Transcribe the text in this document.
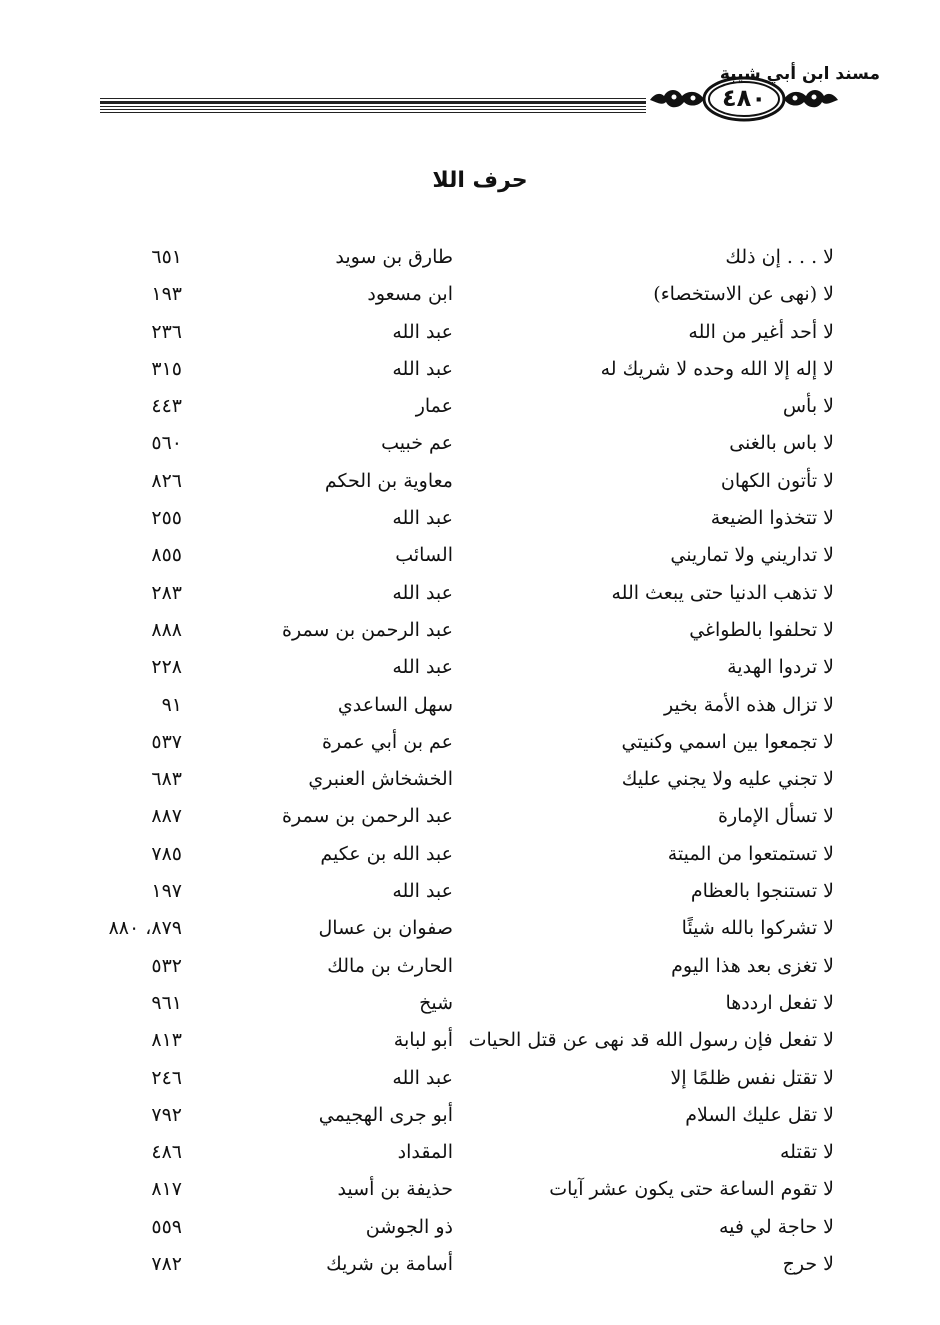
مسند ابن أبي شيبة
٤٨٠
حرف اللا
لا . . . إن ذلك
طارق بن سويد
٦٥١
لا (نهى عن الاستخصاء)
ابن مسعود
١٩٣
لا أحد أغير من الله
عبد الله
٢٣٦
لا إله إلا الله وحده لا شريك له
عبد الله
٣١٥
لا بأس
عمار
٤٤٣
لا باس بالغنى
عم خبيب
٥٦٠
لا تأتون الكهان
معاوية بن الحكم
٨٢٦
لا تتخذوا الضيعة
عبد الله
٢٥٥
لا تداريني ولا تماريني
السائب
٨٥٥
لا تذهب الدنيا حتى يبعث الله
عبد الله
٢٨٣
لا تحلفوا بالطواغي
عبد الرحمن بن سمرة
٨٨٨
لا تردوا الهدية
عبد الله
٢٢٨
لا تزال هذه الأمة بخير
سهل الساعدي
٩١
لا تجمعوا بين اسمي وكنيتي
عم بن أبي عمرة
٥٣٧
لا تجني عليه ولا يجني عليك
الخشخاش العنبري
٦٨٣
لا تسأل الإمارة
عبد الرحمن بن سمرة
٨٨٧
لا تستمتعوا من الميتة
عبد الله بن عكيم
٧٨٥
لا تستنجوا بالعظام
عبد الله
١٩٧
لا تشركوا بالله شيئًا
صفوان بن عسال
٨٧٩، ٨٨٠
لا تغزى بعد هذا اليوم
الحارث بن مالك
٥٣٢
لا تفعل ارددها
شيخ
٩٦١
لا تفعل فإن رسول الله قد نهى عن قتل الحيات
أبو لبابة
٨١٣
لا تقتل نفس ظلمًا إلا
عبد الله
٢٤٦
لا تقل عليك السلام
أبو جرى الهجيمي
٧٩٢
لا تقتله
المقداد
٤٨٦
لا تقوم الساعة حتى يكون عشر آيات
حذيفة بن أسيد
٨١٧
لا حاجة لي فيه
ذو الجوشن
٥٥٩
لا حرج
أسامة بن شريك
٧٨٢
